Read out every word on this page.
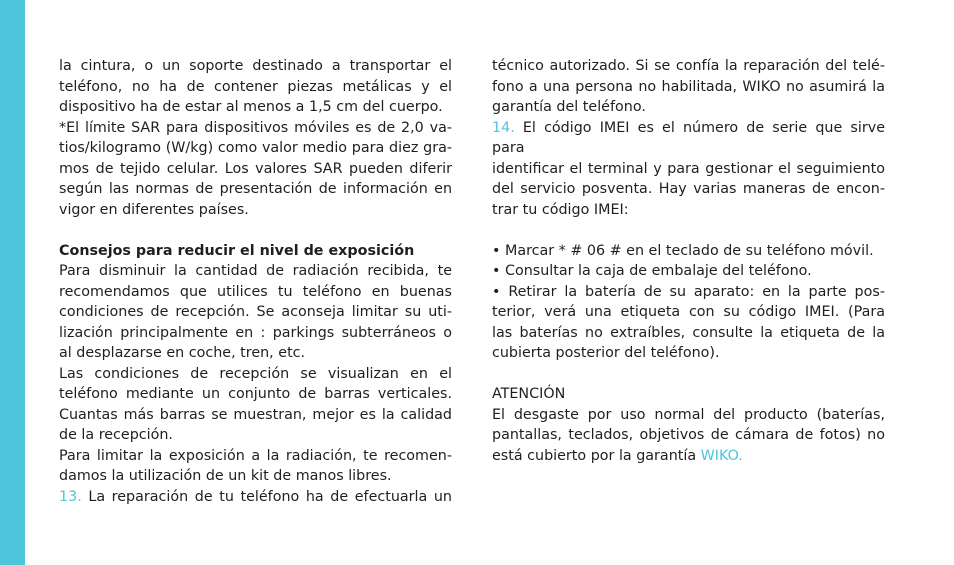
la cintura, o un soporte destinado a transportar el
teléfono, no ha de contener piezas metálicas y el
dispositivo ha de estar al menos a 1,5 cm del cuerpo.
*El límite SAR para dispositivos móviles es de 2,0 va-
tios/kilogramo (W/kg) como valor medio para diez gra-
mos de tejido celular. Los valores SAR pueden diferir
según las normas de presentación de información en
vigor en diferentes países.
Consejos para reducir el nivel de exposición
Para disminuir la cantidad de radiación recibida, te
recomendamos que utilices tu teléfono en buenas
condiciones de recepción. Se aconseja limitar su uti-
lización principalmente en : parkings subterráneos o
al desplazarse en coche, tren, etc.
Las condiciones de recepción se visualizan en el
teléfono mediante un conjunto de barras verticales.
Cuantas más barras se muestran, mejor es la calidad
de la recepción.
Para limitar la exposición a la radiación, te recomen-
damos la utilización de un kit de manos libres.
13. La reparación de tu teléfono ha de efectuarla un
técnico autorizado. Si se confía la reparación del telé-
fono a una persona no habilitada, WIKO no asumirá la
garantía del teléfono.
14. El código IMEI es el número de serie que sirve para
identificar el terminal y para gestionar el seguimiento
del servicio posventa. Hay varias maneras de encon-
trar tu código IMEI:
• Marcar * # 06 # en el teclado de su teléfono móvil.
• Consultar la caja de embalaje del teléfono.
• Retirar la batería de su aparato: en la parte pos-
terior, verá una etiqueta con su código IMEI. (Para
las baterías no extraíbles, consulte la etiqueta de la
cubierta posterior del teléfono).
ATENCIÓN
El desgaste por uso normal del producto (baterías,
pantallas, teclados, objetivos de cámara de fotos) no
está cubierto por la garantía WIKO.
